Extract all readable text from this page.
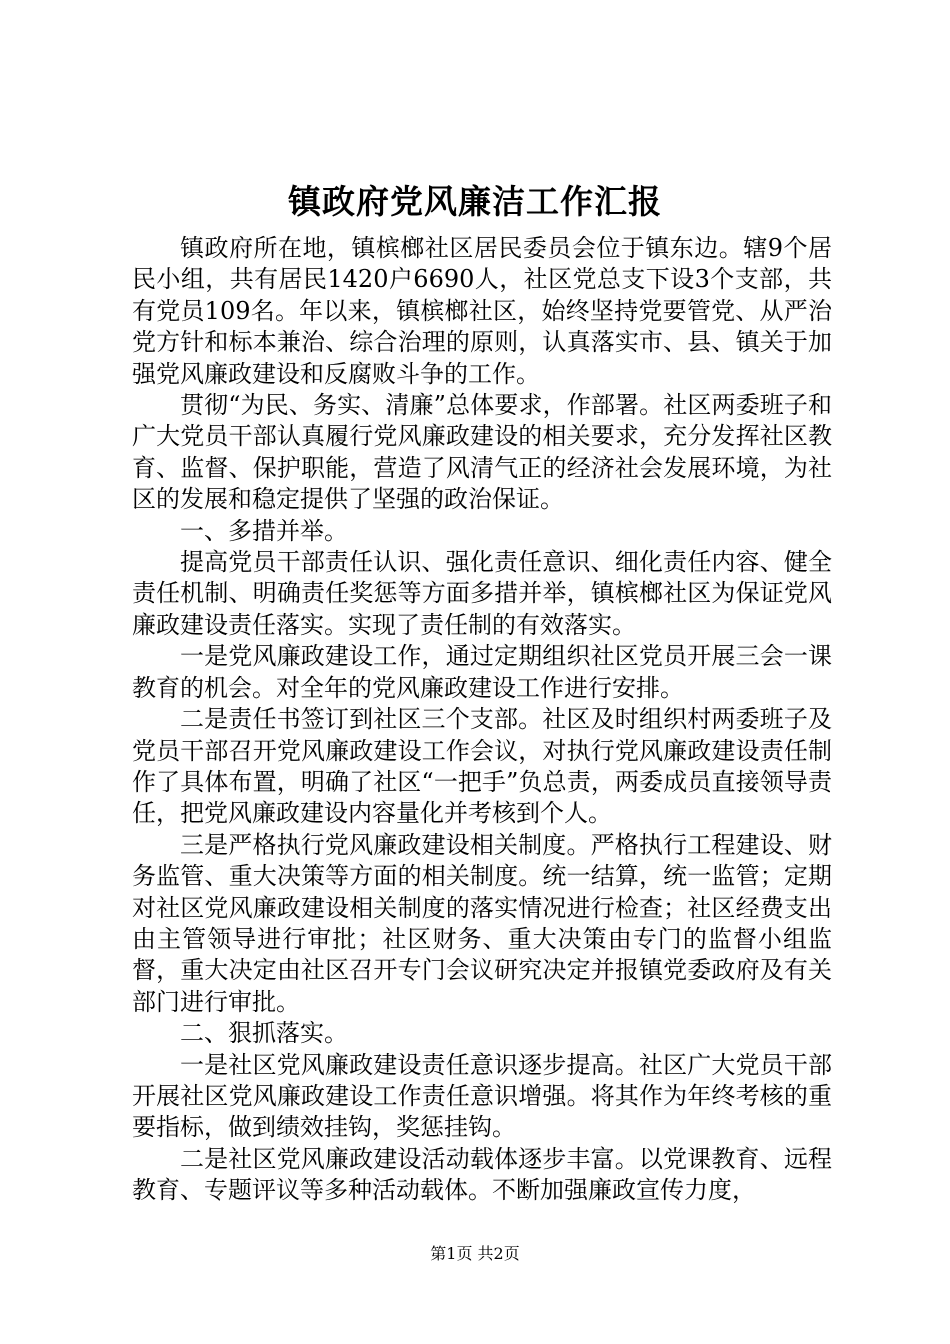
镇政府党风廉洁工作汇报

镇政府所在地，镇槟榔社区居民委员会位于镇东边。辖9个居民小组，共有居民1420户6690人，社区党总支下设3个支部，共有党员109名。年以来，镇槟榔社区，始终坚持党要管党、从严治党方针和标本兼治、综合治理的原则，认真落实市、县、镇关于加强党风廉政建设和反腐败斗争的工作。

贯彻“为民、务实、清廉”总体要求，作部署。社区两委班子和广大党员干部认真履行党风廉政建设的相关要求，充分发挥社区教育、监督、保护职能，营造了风清气正的经济社会发展环境，为社区的发展和稳定提供了坚强的政治保证。

一、多措并举。

提高党员干部责任认识、强化责任意识、细化责任内容、健全责任机制、明确责任奖惩等方面多措并举，镇槟榔社区为保证党风廉政建设责任落实。实现了责任制的有效落实。

一是党风廉政建设工作，通过定期组织社区党员开展三会一课教育的机会。对全年的党风廉政建设工作进行安排。

二是责任书签订到社区三个支部。社区及时组织村两委班子及党员干部召开党风廉政建设工作会议，对执行党风廉政建设责任制作了具体布置，明确了社区“一把手”负总责，两委成员直接领导责任，把党风廉政建设内容量化并考核到个人。

三是严格执行党风廉政建设相关制度。严格执行工程建设、财务监管、重大决策等方面的相关制度。统一结算，统一监管；定期对社区党风廉政建设相关制度的落实情况进行检查；社区经费支出由主管领导进行审批；社区财务、重大决策由专门的监督小组监督，重大决定由社区召开专门会议研究决定并报镇党委政府及有关部门进行审批。

二、狠抓落实。

一是社区党风廉政建设责任意识逐步提高。社区广大党员干部开展社区党风廉政建设工作责任意识增强。将其作为年终考核的重要指标，做到绩效挂钩，奖惩挂钩。

二是社区党风廉政建设活动载体逐步丰富。以党课教育、远程教育、专题评议等多种活动载体。不断加强廉政宣传力度，

第1页 共2页
